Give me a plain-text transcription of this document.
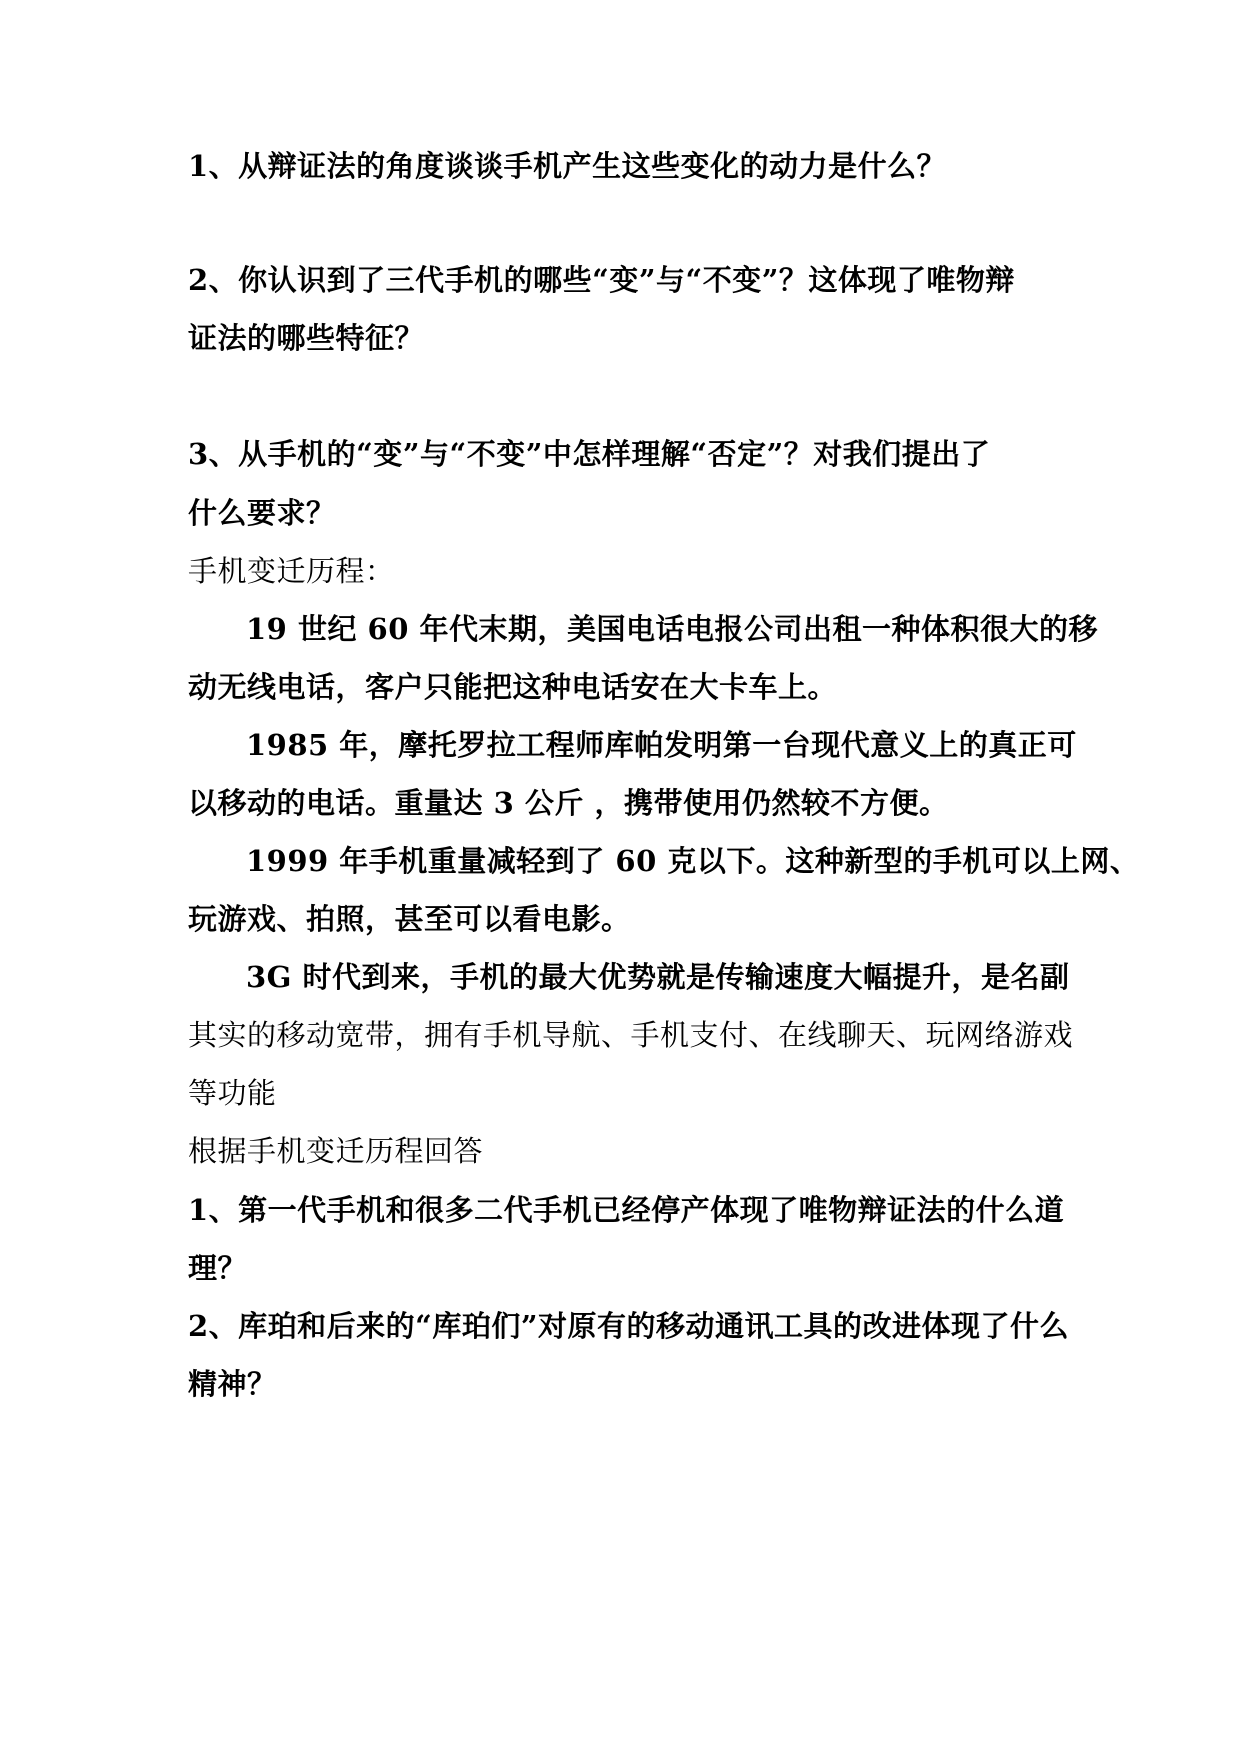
1、从辩证法的角度谈谈手机产生这些变化的动力是什么？
2、你认识到了三代手机的哪些“变”与“不变”？这体现了唯物辩
证法的哪些特征？
3、从手机的“变”与“不变”中怎样理解“否定”？对我们提出了
什么要求？
手机变迁历程：
19 世纪 60 年代末期，美国电话电报公司出租一种体积很大的移
动无线电话，客户只能把这种电话安在大卡车上。
1985 年，摩托罗拉工程师库帕发明第一台现代意义上的真正可
以移动的电话。重量达 3 公斤 ，携带使用仍然较不方便。
1999 年手机重量减轻到了 60 克以下。这种新型的手机可以上网、
玩游戏、拍照，甚至可以看电影。
3G 时代到来，手机的最大优势就是传输速度大幅提升，是名副
其实的移动宽带，拥有手机导航、手机支付、在线聊天、玩网络游戏
等功能
根据手机变迁历程回答
1、第一代手机和很多二代手机已经停产体现了唯物辩证法的什么道
理？
2、库珀和后来的“库珀们”对原有的移动通讯工具的改进体现了什么
精神？
